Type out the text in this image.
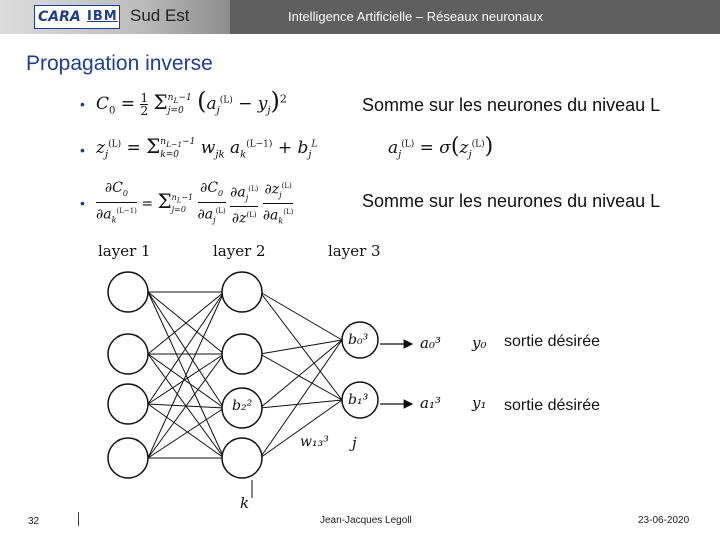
CARA IBM Sud Est	Intelligence Artificielle – Réseaux neuronaux
Propagation inverse
• $C_0 = \frac{1}{2}$ Σ $n_L-1$
j=0 $(a_j^{(L)} - y_j)^2$	Somme sur les neurones du niveau L
• $z_j^{(L)} = \Sigma$ $n_{L-1}-1$
k=0 $w_{jk}$ $a_k^{(L-1)} + b_j^L$	$a_j^{(L)} = \sigma(z_j^{(L)})$
• $\frac{\partial C_0}{\partial a_k^{(L-1)}} = \Sigma$ $n_L-1$
j=0
$\frac{\partial C_0}{\partial a_j^{(L)}}$
$\frac{\partial a_j^{(L)}}{\partial z^{(L)}}$
$\frac{\partial z_j^{(L)}}{\partial a_k^{(L)}}$	Somme sur les neurones du niveau L
layer 1	layer 2	layer 3
b₀³
b₁³
b₂²
w₁₃³ j
k
a₀³
a₁³
y₀
y₁
sortie désirée
sortie désirée
32	Jean-Jacques Legoll	23-06-2020
